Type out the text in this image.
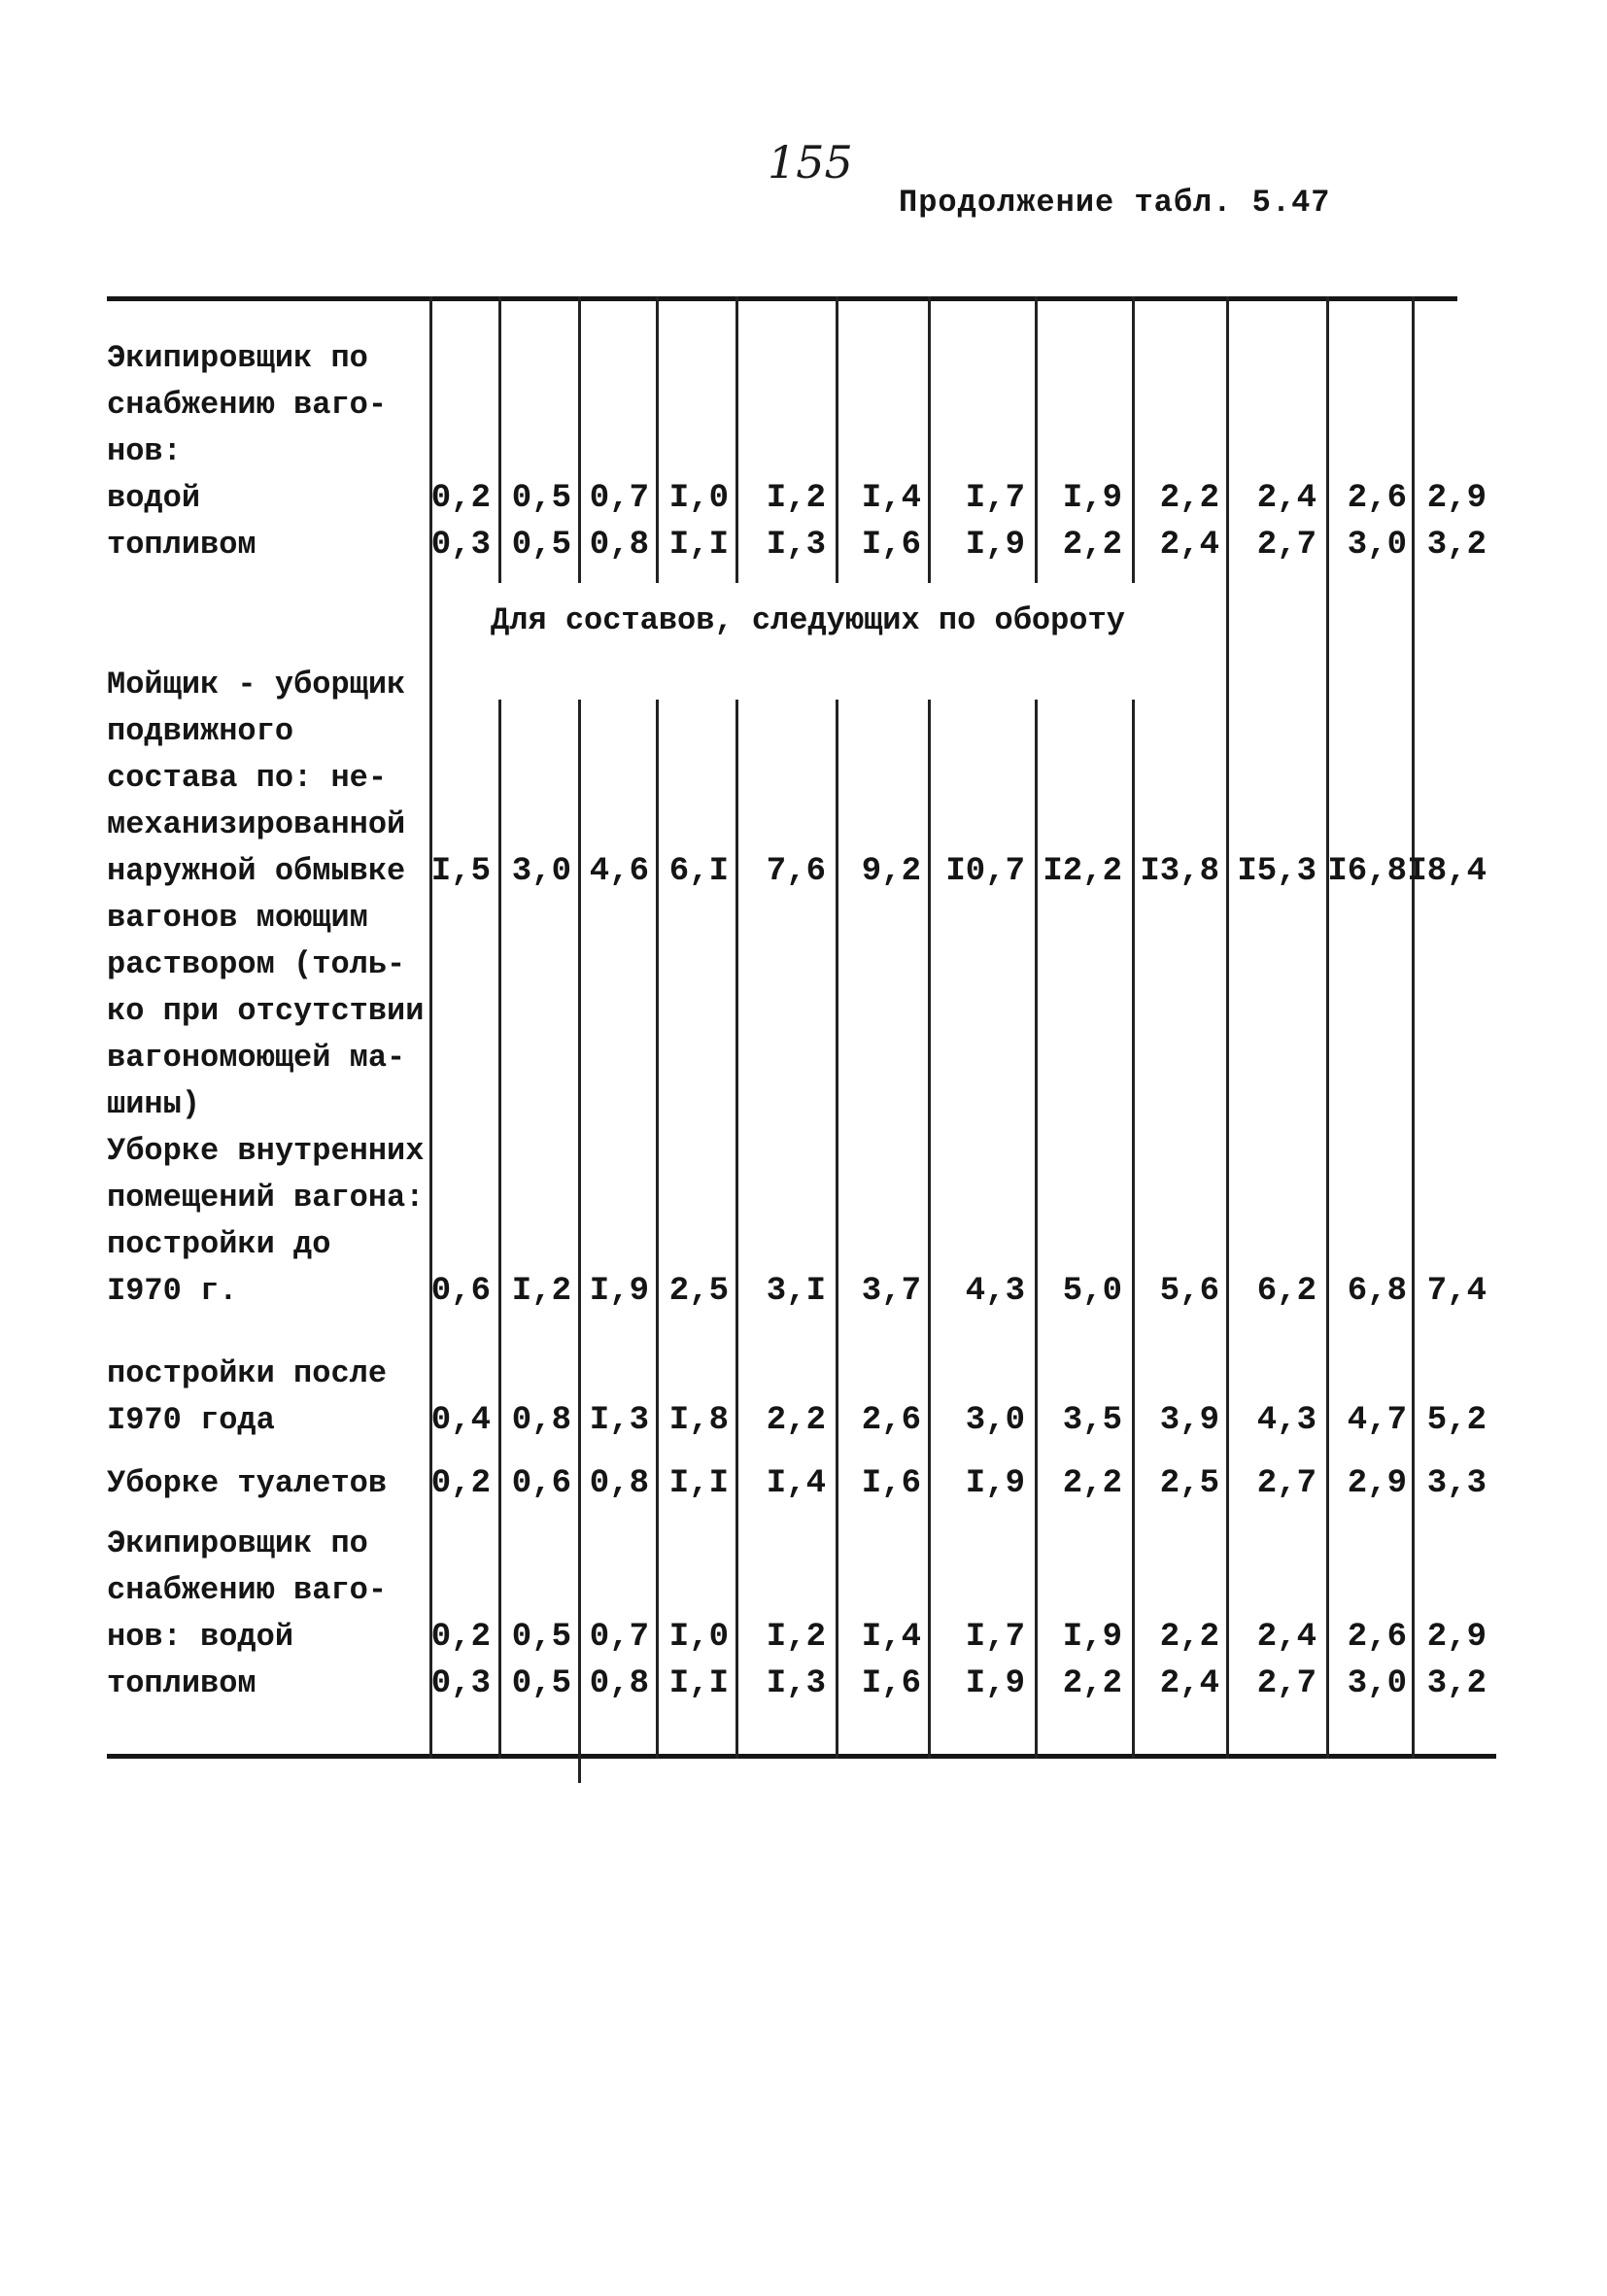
155
Продолжение табл. 5.47
Для составов, следующих по обороту
Экипировщик по
снабжению ваго-
нов:
водой	0,2 0,5 0,7 I,0	I,2	I,4	I,7	I,9	2,2	2,4 2,6 2,9
топливом	0,3 0,5 0,8 I,I	I,3	I,6	I,9	2,2	2,4	2,7 3,0 3,2
Мойщик - уборщик
подвижного
состава по: не-
механизированной
наружной обмывке I,5 3,0 4,6 6,I	7,6	9,2 I0,7 I2,2 I3,8 I5,3 I6,8 I8,4
вагонов моющим
раствором (толь-
ко при отсутствии
вагономоющей ма-
шины)
Уборке внутренних
помещений вагона:
постройки до
I970 г.	0,6 I,2 I,9 2,5	3,I	3,7	4,3	5,0	5,6	6,2 6,8 7,4
постройки после
I970 года	0,4 0,8 I,3 I,8	2,2	2,6	3,0	3,5	3,9	4,3 4,7 5,2
Уборке туалетов	0,2 0,6 0,8 I,I	I,4	I,6	I,9	2,2	2,5	2,7 2,9 3,3
Экипировщик по
снабжению ваго-
нов: водой	0,2 0,5 0,7 I,0	I,2	I,4	I,7	I,9	2,2	2,4 2,6 2,9
топливом	0,3 0,5 0,8 I,I	I,3	I,6	I,9	2,2	2,4	2,7 3,0 3,2
